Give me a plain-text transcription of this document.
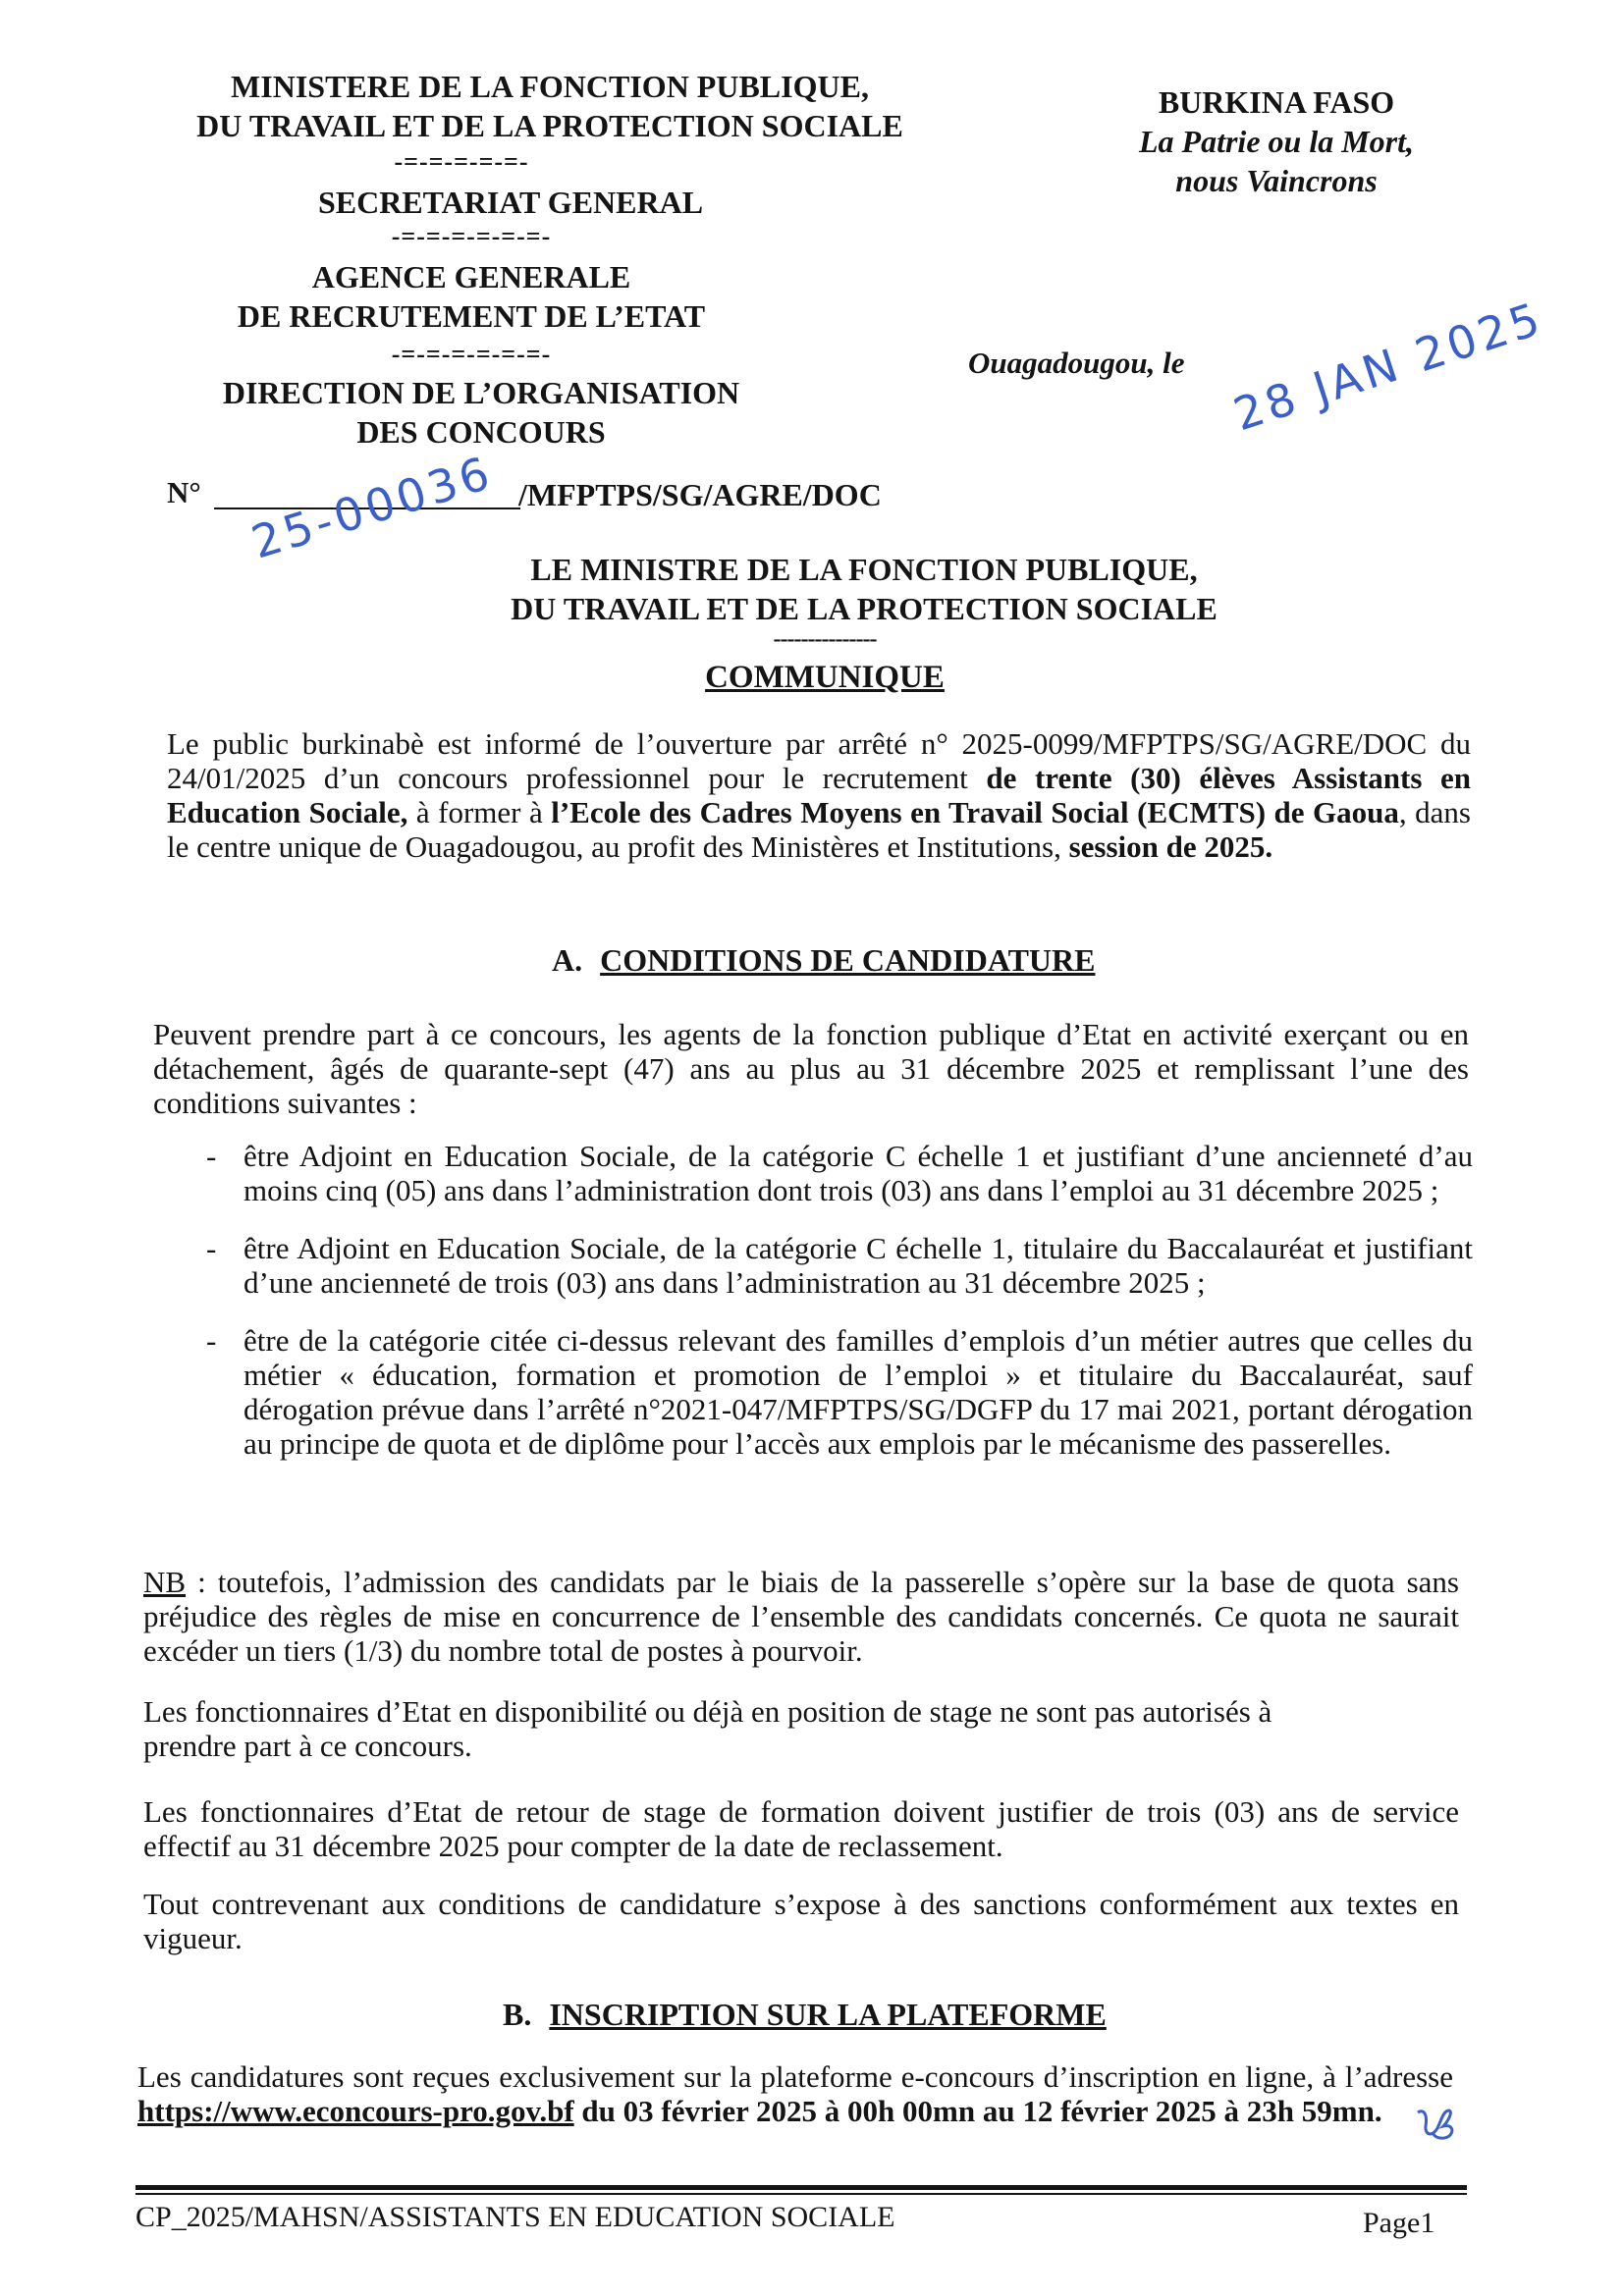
MINISTERE DE LA FONCTION PUBLIQUE,
DU TRAVAIL ET DE LA PROTECTION SOCIALE
-=-=-=-=-=-
SECRETARIAT GENERAL
-=-=-=-=-=-=-
AGENCE GENERALE
DE RECRUTEMENT DE L’ETAT
-=-=-=-=-=-=-
DIRECTION DE L’ORGANISATION
DES CONCOURS
BURKINA FASO
La Patrie ou la Mort,
nous Vaincrons
Ouagadougou, le 28 JAN 2025
N°	/MFPTPS/SG/AGRE/DOC
25-00036
LE MINISTRE DE LA FONCTION PUBLIQUE,
DU TRAVAIL ET DE LA PROTECTION SOCIALE
---------------
COMMUNIQUE
Le public burkinabè est informé de l’ouverture par arrêté n° 2025-0099/MFPTPS/SG/AGRE/DOC du 24/01/2025 d’un concours professionnel pour le recrutement de trente (30) élèves Assistants en Education Sociale, à former à l’Ecole des Cadres Moyens en Travail Social (ECMTS) de Gaoua, dans le centre unique de Ouagadougou, au profit des Ministères et Institutions, session de 2025.
A. CONDITIONS DE CANDIDATURE
Peuvent prendre part à ce concours, les agents de la fonction publique d’Etat en activité exerçant ou en détachement, âgés de quarante-sept (47) ans au plus au 31 décembre 2025 et remplissant l’une des conditions suivantes :
- être Adjoint en Education Sociale, de la catégorie C échelle 1 et justifiant d’une ancienneté d’au moins cinq (05) ans dans l’administration dont trois (03) ans dans l’emploi au 31 décembre 2025 ;
- être Adjoint en Education Sociale, de la catégorie C échelle 1, titulaire du Baccalauréat et justifiant d’une ancienneté de trois (03) ans dans l’administration au 31 décembre 2025 ;
- être de la catégorie citée ci-dessus relevant des familles d’emplois d’un métier autres que celles du métier « éducation, formation et promotion de l’emploi » et titulaire du Baccalauréat, sauf dérogation prévue dans l’arrêté n°2021-047/MFPTPS/SG/DGFP du 17 mai 2021, portant dérogation au principe de quota et de diplôme pour l’accès aux emplois par le mécanisme des passerelles.
NB : toutefois, l’admission des candidats par le biais de la passerelle s’opère sur la base de quota sans préjudice des règles de mise en concurrence de l’ensemble des candidats concernés. Ce quota ne saurait excéder un tiers (1/3) du nombre total de postes à pourvoir.
Les fonctionnaires d’Etat en disponibilité ou déjà en position de stage ne sont pas autorisés à prendre part à ce concours.
Les fonctionnaires d’Etat de retour de stage de formation doivent justifier de trois (03) ans de service effectif au 31 décembre 2025 pour compter de la date de reclassement.
Tout contrevenant aux conditions de candidature s’expose à des sanctions conformément aux textes en vigueur.
B. INSCRIPTION SUR LA PLATEFORME
Les candidatures sont reçues exclusivement sur la plateforme e-concours d’inscription en ligne, à l’adresse https://www.econcours-pro.gov.bf du 03 février 2025 à 00h 00mn au 12 février 2025 à 23h 59mn.
CP_2025/MAHSN/ASSISTANTS EN EDUCATION SOCIALE	Page1
